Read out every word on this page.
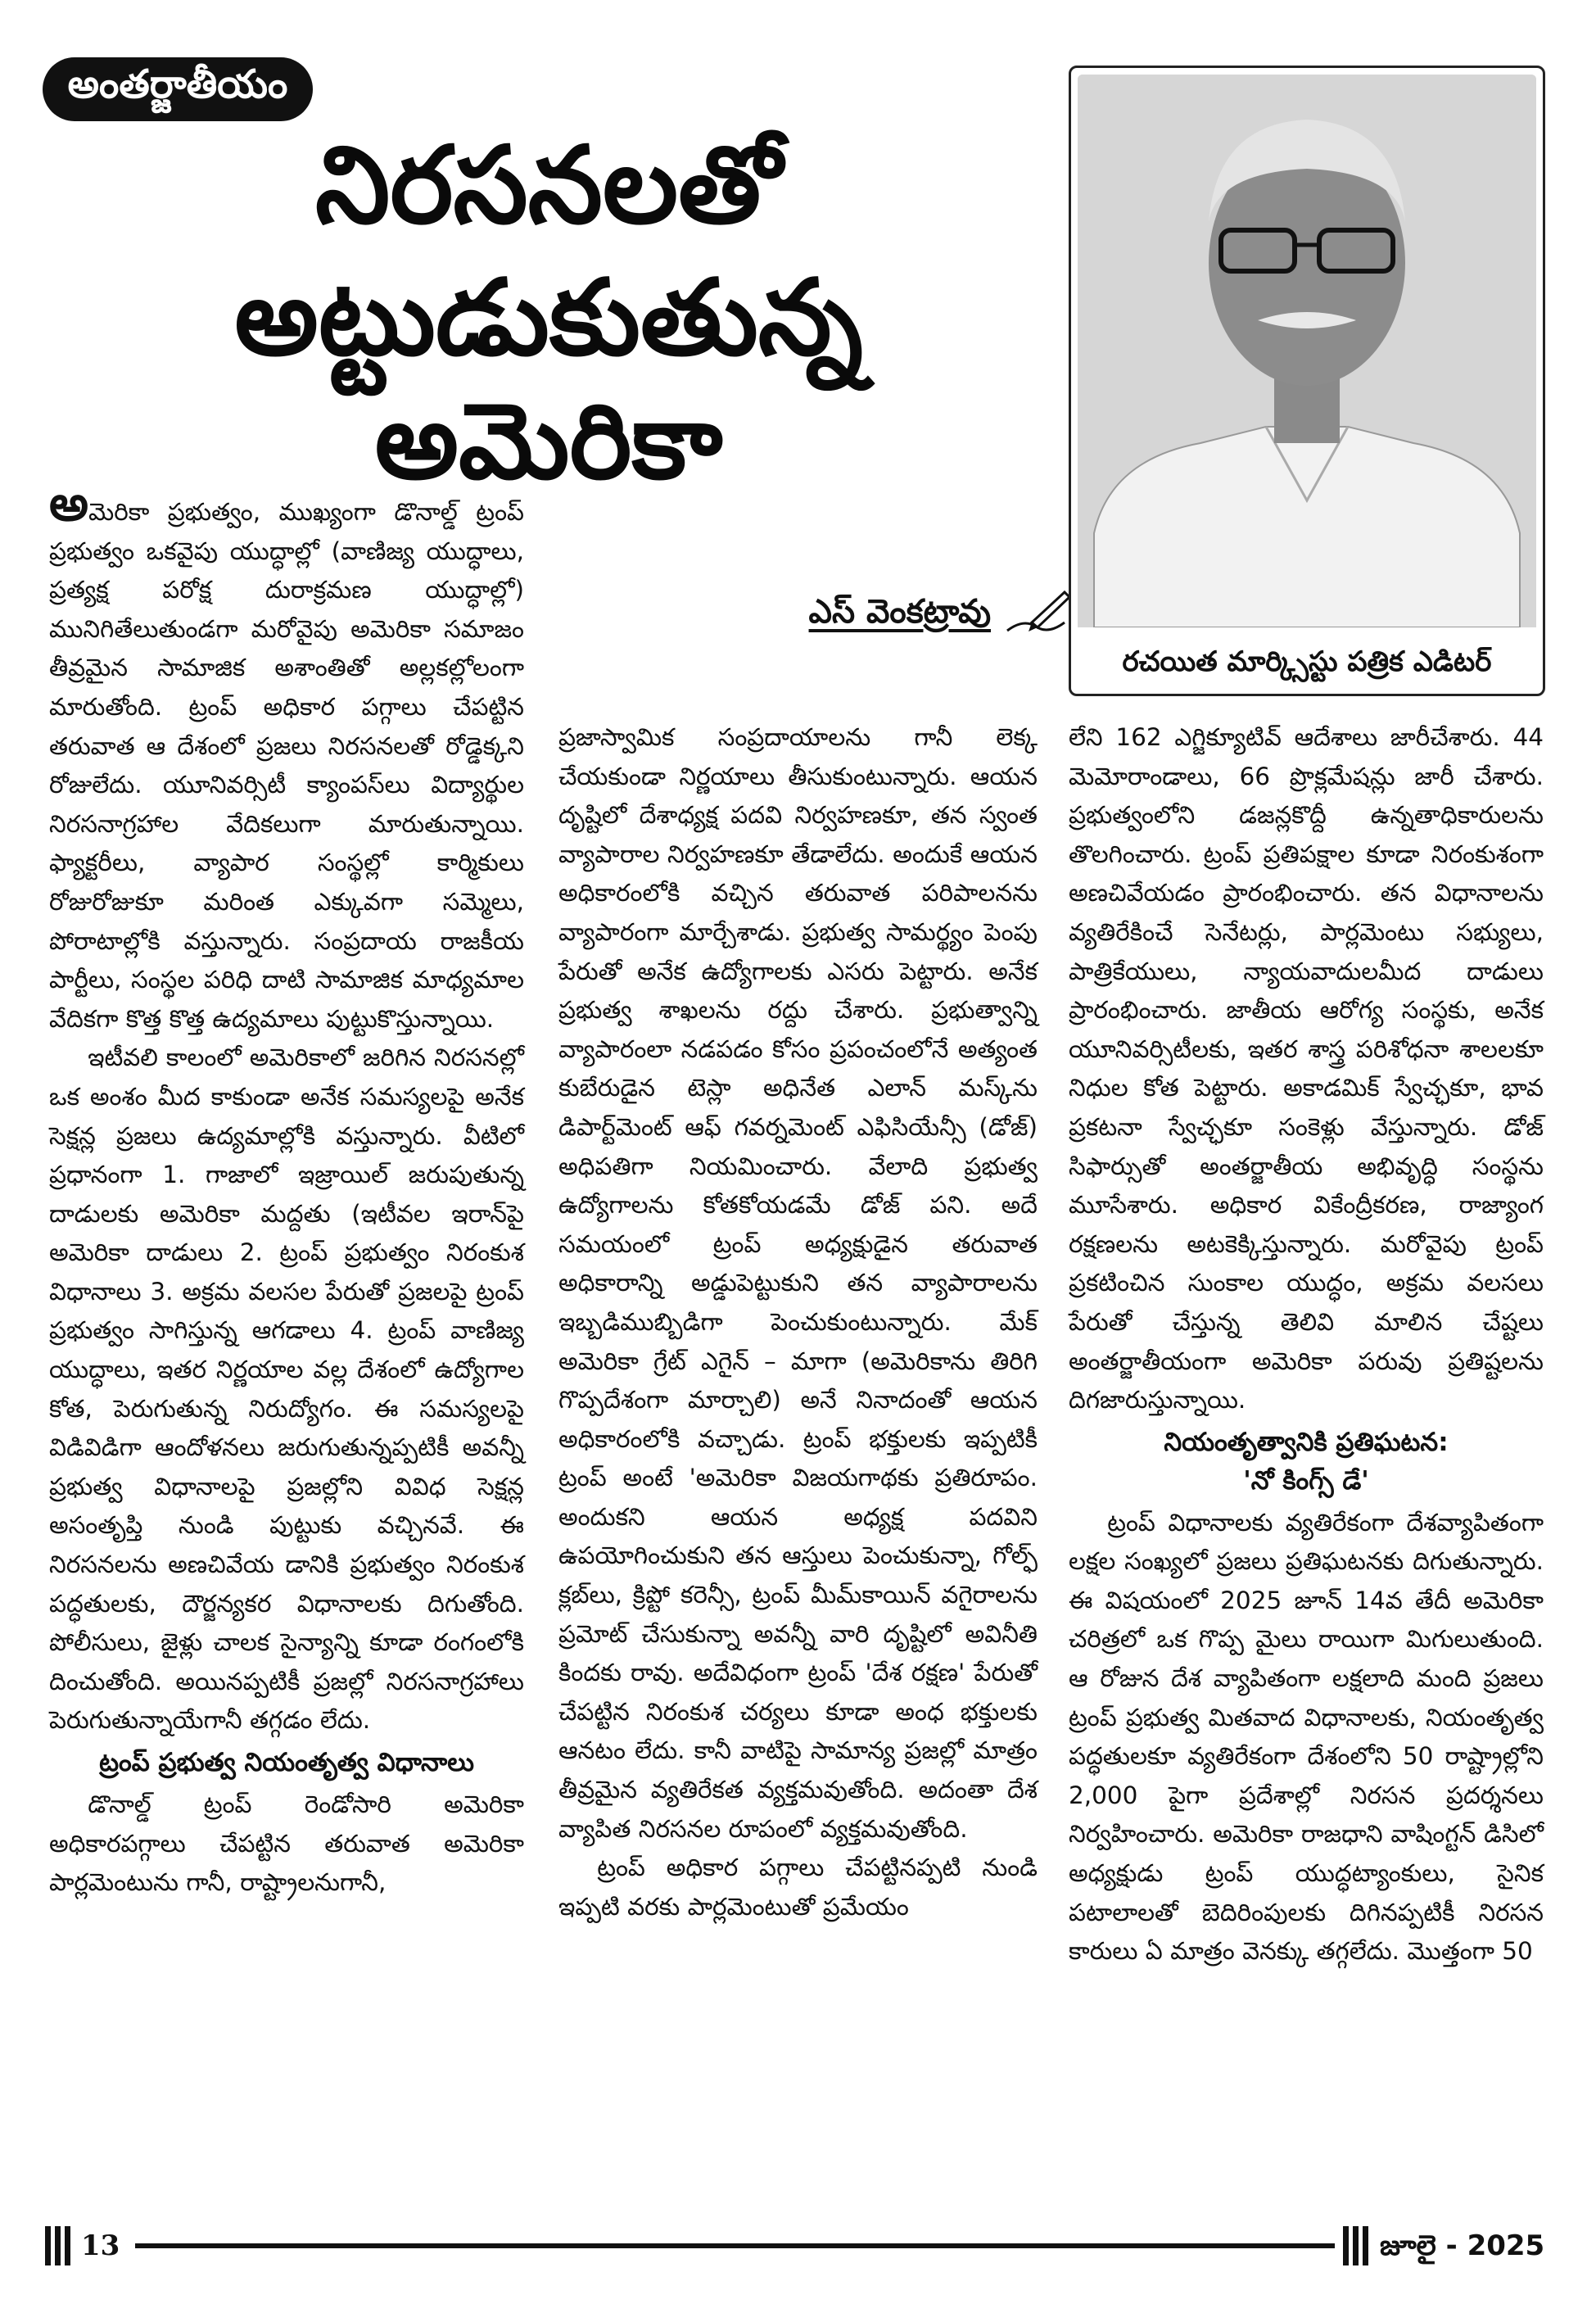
అంతర్జాతీయం
నిరసనలతో
అట్టుడుకుతున్న అమెరికా
ఎస్ వెంకట్రావు
రచయిత మార్క్సిస్టు పత్రిక ఎడిటర్

అమెరికా ప్రభుత్వం, ముఖ్యంగా డొనాల్డ్ ట్రంప్ ప్రభుత్వం ఒకవైపు యుద్ధాల్లో (వాణిజ్య యుద్ధాలు, ప్రత్యక్ష పరోక్ష దురాక్రమణ యుద్ధాల్లో) మునిగితేలుతుండగా మరోవైపు అమెరికా సమాజం తీవ్రమైన సామాజిక అశాంతితో అల్లకల్లోలంగా మారుతోంది. ట్రంప్ అధికార పగ్గాలు చేపట్టిన తరువాత ఆ దేశంలో ప్రజలు నిరసనలతో రోడ్డెక్కని రోజులేదు. యూనివర్సిటీ క్యాంపస్‌లు విద్యార్థుల నిరసనాగ్రహాల వేదికలుగా మారుతున్నాయి. ఫ్యాక్టరీలు, వ్యాపార సంస్థల్లో కార్మికులు రోజురోజుకూ మరింత ఎక్కువగా సమ్మెలు, పోరాటాల్లోకి వస్తున్నారు. సంప్రదాయ రాజకీయ పార్టీలు, సంస్థల పరిధి దాటి సామాజిక మాధ్యమాల వేదికగా కొత్త కొత్త ఉద్యమాలు పుట్టుకొస్తున్నాయి.

ఇటీవలి కాలంలో అమెరికాలో జరిగిన నిరసనల్లో ఒక అంశం మీద కాకుండా అనేక సమస్యలపై అనేక సెక్షన్ల ప్రజలు ఉద్యమాల్లోకి వస్తున్నారు. వీటిలో ప్రధానంగా 1. గాజాలో ఇజ్రాయిల్ జరుపుతున్న దాడులకు అమెరికా మద్దతు (ఇటీవల ఇరాన్‌పై అమెరికా దాడులు 2. ట్రంప్ ప్రభుత్వం నిరంకుశ విధానాలు 3. అక్రమ వలసల పేరుతో ప్రజలపై ట్రంప్ ప్రభుత్వం సాగిస్తున్న ఆగడాలు 4. ట్రంప్ వాణిజ్య యుద్ధాలు, ఇతర నిర్ణయాల వల్ల దేశంలో ఉద్యోగాల కోత, పెరుగుతున్న నిరుద్యోగం. ఈ సమస్యలపై విడివిడిగా ఆందోళనలు జరుగుతున్నప్పటికీ అవన్నీ ప్రభుత్వ విధానాలపై ప్రజల్లోని వివిధ సెక్షన్ల అసంతృప్తి నుండి పుట్టుకు వచ్చినవే. ఈ నిరసనలను అణచివేయ డానికి ప్రభుత్వం నిరంకుశ పద్ధతులకు, దౌర్జన్యకర విధానాలకు దిగుతోంది. పోలీసులు, జైళ్లు చాలక సైన్యాన్ని కూడా రంగంలోకి దించుతోంది. అయినప్పటికీ ప్రజల్లో నిరసనాగ్రహాలు పెరుగుతున్నాయేగానీ తగ్గడం లేదు.

ట్రంప్ ప్రభుత్వ నియంతృత్వ విధానాలు

డొనాల్డ్ ట్రంప్ రెండోసారి అమెరికా అధికారపగ్గాలు చేపట్టిన తరువాత అమెరికా పార్లమెంటును గానీ, రాష్ట్రాలనుగానీ,

ప్రజాస్వామిక సంప్రదాయాలను గానీ లెక్క చేయకుండా నిర్ణయాలు తీసుకుంటున్నారు. ఆయన దృష్టిలో దేశాధ్యక్ష పదవి నిర్వహణకూ, తన స్వంత వ్యాపారాల నిర్వహణకూ తేడాలేదు. అందుకే ఆయన అధికారంలోకి వచ్చిన తరువాత పరిపాలనను వ్యాపారంగా మార్చేశాడు. ప్రభుత్వ సామర్థ్యం పెంపు పేరుతో అనేక ఉద్యోగాలకు ఎసరు పెట్టారు. అనేక ప్రభుత్వ శాఖలను రద్దు చేశారు. ప్రభుత్వాన్ని వ్యాపారంలా నడపడం కోసం ప్రపంచంలోనే అత్యంత కుబేరుడైన టెస్లా అధినేత ఎలాన్ మస్క్‌ను డిపార్ట్‌మెంట్ ఆఫ్ గవర్నమెంట్ ఎఫిసియేన్సీ (డోజ్) అధిపతిగా నియమించారు. వేలాది ప్రభుత్వ ఉద్యోగాలను కోతకోయడమే డోజ్ పని. అదే సమయంలో ట్రంప్ అధ్యక్షుడైన తరువాత అధికారాన్ని అడ్డుపెట్టుకుని తన వ్యాపారాలను ఇబ్బడిముబ్బిడిగా పెంచుకుంటున్నారు. మేక్ అమెరికా గ్రేట్ ఎగైన్ – మాగా (అమెరికాను తిరిగి గొప్పదేశంగా మార్చాలి) అనే నినాదంతో ఆయన అధికారంలోకి వచ్చాడు. ట్రంప్ భక్తులకు ఇప్పటికీ ట్రంప్ అంటే 'అమెరికా విజయగాథకు ప్రతిరూపం. అందుకని ఆయన అధ్యక్ష పదవిని ఉపయోగించుకుని తన ఆస్తులు పెంచుకున్నా, గోల్ఫ్ క్లబ్‌లు, క్రిప్టో కరెన్సీ, ట్రంప్ మీమ్‌కాయిన్ వగైరాలను ప్రమోట్ చేసుకున్నా అవన్నీ వారి దృష్టిలో అవినీతి కిందకు రావు. అదేవిధంగా ట్రంప్ 'దేశ రక్షణ' పేరుతో చేపట్టిన నిరంకుశ చర్యలు కూడా అంధ భక్తులకు ఆనటం లేదు. కానీ వాటిపై సామాన్య ప్రజల్లో మాత్రం తీవ్రమైన వ్యతిరేకత వ్యక్తమవుతోంది. అదంతా దేశ వ్యాపిత నిరసనల రూపంలో వ్యక్తమవుతోంది.

ట్రంప్ అధికార పగ్గాలు చేపట్టినప్పటి నుండి ఇప్పటి వరకు పార్లమెంటుతో ప్రమేయం

లేని 162 ఎగ్జిక్యూటివ్ ఆదేశాలు జారీచేశారు. 44 మెమోరాండాలు, 66 ప్రొక్లమేషన్లు జారీ చేశారు. ప్రభుత్వంలోని డజన్లకొద్దీ ఉన్నతాధికారులను తొలగించారు. ట్రంప్ ప్రతిపక్షాల కూడా నిరంకుశంగా అణచివేయడం ప్రారంభించారు. తన విధానాలను వ్యతిరేకించే సెనేటర్లు, పార్లమెంటు సభ్యులు, పాత్రికేయులు, న్యాయవాదులమీద దాడులు ప్రారంభించారు. జాతీయ ఆరోగ్య సంస్థకు, అనేక యూనివర్సిటీలకు, ఇతర శాస్త్ర పరిశోధనా శాలలకూ నిధుల కోత పెట్టారు. అకాడమిక్ స్వేచ్ఛకూ, భావ ప్రకటనా స్వేచ్ఛకూ సంకెళ్లు వేస్తున్నారు. డోజ్ సిఫార్సుతో అంతర్జాతీయ అభివృద్ధి సంస్థను మూసేశారు. అధికార వికేంద్రీకరణ, రాజ్యాంగ రక్షణలను అటకెక్కిస్తున్నారు. మరోవైపు ట్రంప్ ప్రకటించిన సుంకాల యుద్ధం, అక్రమ వలసలు పేరుతో చేస్తున్న తెలివి మాలిన చేష్టలు అంతర్జాతీయంగా అమెరికా పరువు ప్రతిష్టలను దిగజారుస్తున్నాయి.

నియంతృత్వానికి ప్రతిఘటన:
'నో కింగ్స్ డే'

ట్రంప్ విధానాలకు వ్యతిరేకంగా దేశవ్యాపితంగా లక్షల సంఖ్యలో ప్రజలు ప్రతిఘటనకు దిగుతున్నారు. ఈ విషయంలో 2025 జూన్ 14వ తేదీ అమెరికా చరిత్రలో ఒక గొప్ప మైలు రాయిగా మిగులుతుంది. ఆ రోజున దేశ వ్యాపితంగా లక్షలాది మంది ప్రజలు ట్రంప్ ప్రభుత్వ మితవాద విధానాలకు, నియంతృత్వ పద్ధతులకూ వ్యతిరేకంగా దేశంలోని 50 రాష్ట్రాల్లోని 2,000 పైగా ప్రదేశాల్లో నిరసన ప్రదర్శనలు నిర్వహించారు. అమెరికా రాజధాని వాషింగ్టన్ డిసిలో అధ్యక్షుడు ట్రంప్ యుద్ధట్యాంకులు, సైనిక పటాలాలతో బెదిరింపులకు దిగినప్పటికీ నిరసన కారులు ఏ మాత్రం వెనక్కు తగ్గలేదు. మొత్తంగా 50

13	జూలై - 2025
